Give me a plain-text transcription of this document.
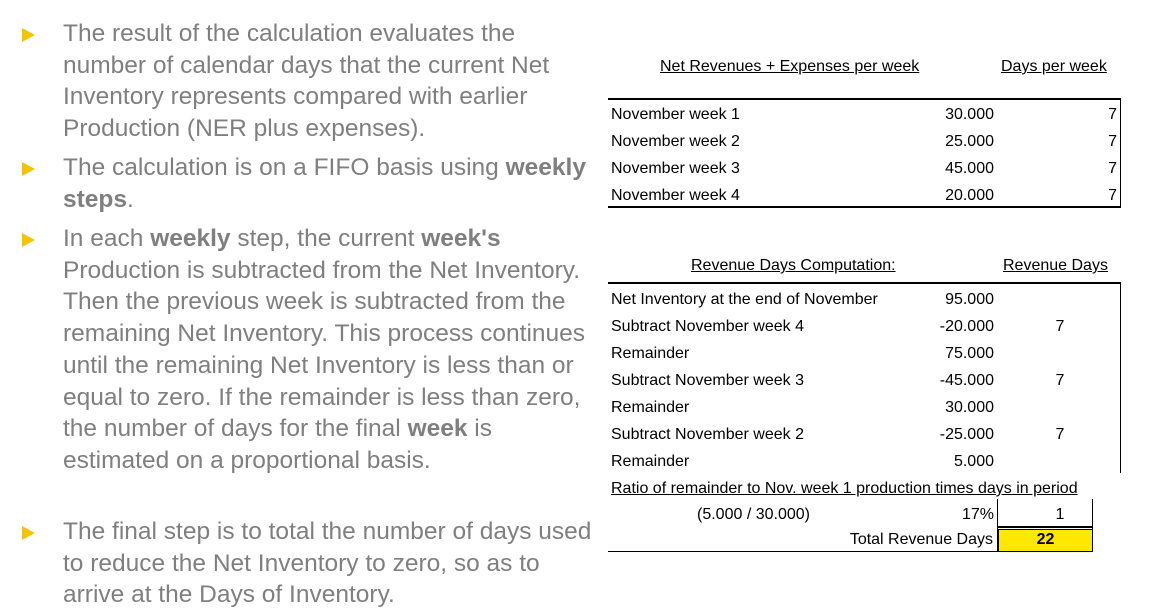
The result of the calculation evaluates the number of calendar days that the current Net Inventory represents compared with earlier Production (NER plus expenses).
The calculation is on a FIFO basis using weekly steps.
In each weekly step, the current week's Production is subtracted from the Net Inventory. Then the previous week is subtracted from the remaining Net Inventory. This process continues until the remaining Net Inventory is less than or equal to zero. If the remainder is less than zero, the number of days for the final week is estimated on a proportional basis.
The final step is to total the number of days used to reduce the Net Inventory to zero, so as to arrive at the Days of Inventory.
Net Revenues + Expenses per week	Days per week
November week 1	30.000	7
November week 2	25.000	7
November week 3	45.000	7
November week 4	20.000	7
Revenue Days Computation:	Revenue Days
Net Inventory at the end of November	95.000
Subtract November week 4	-20.000	7
Remainder	75.000
Subtract November week 3	-45.000	7
Remainder	30.000
Subtract November week 2	-25.000	7
Remainder	5.000
Ratio of remainder to Nov. week 1 production times days in period
(5.000 / 30.000)	17%	1
Total Revenue Days	22
